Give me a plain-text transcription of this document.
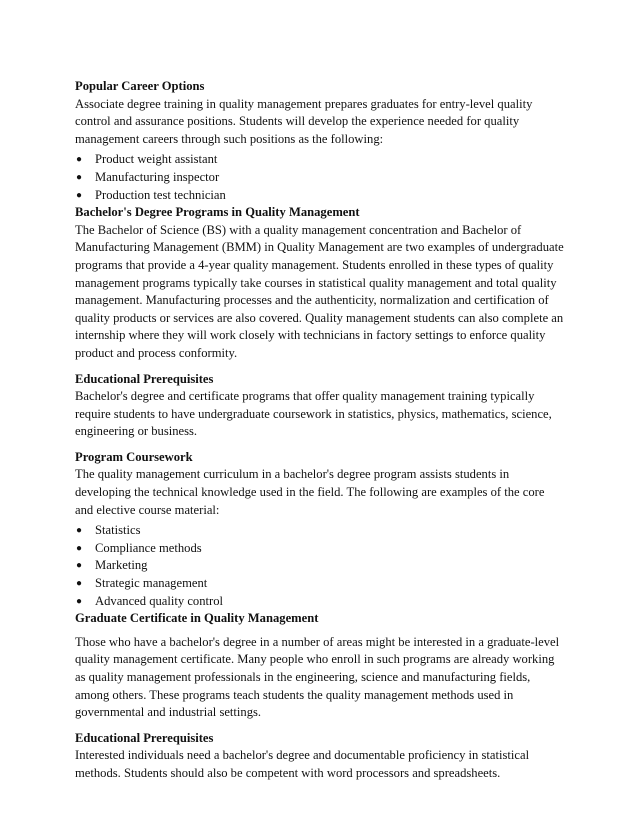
Popular Career Options

Associate degree training in quality management prepares graduates for entry-level quality control and assurance positions. Students will develop the experience needed for quality management careers through such positions as the following:

● Product weight assistant
● Manufacturing inspector
● Production test technician

Bachelor's Degree Programs in Quality Management

The Bachelor of Science (BS) with a quality management concentration and Bachelor of Manufacturing Management (BMM) in Quality Management are two examples of undergraduate programs that provide a 4-year quality management. Students enrolled in these types of quality management programs typically take courses in statistical quality management and total quality management. Manufacturing processes and the authenticity, normalization and certification of quality products or services are also covered. Quality management students can also complete an internship where they will work closely with technicians in factory settings to enforce quality product and process conformity.

Educational Prerequisites

Bachelor's degree and certificate programs that offer quality management training typically require students to have undergraduate coursework in statistics, physics, mathematics, science, engineering or business.

Program Coursework

The quality management curriculum in a bachelor's degree program assists students in developing the technical knowledge used in the field. The following are examples of the core and elective course material:

● Statistics
● Compliance methods
● Marketing
● Strategic management
● Advanced quality control

Graduate Certificate in Quality Management

Those who have a bachelor's degree in a number of areas might be interested in a graduate-level quality management certificate. Many people who enroll in such programs are already working as quality management professionals in the engineering, science and manufacturing fields, among others. These programs teach students the quality management methods used in governmental and industrial settings.

Educational Prerequisites

Interested individuals need a bachelor's degree and documentable proficiency in statistical methods. Students should also be competent with word processors and spreadsheets.
